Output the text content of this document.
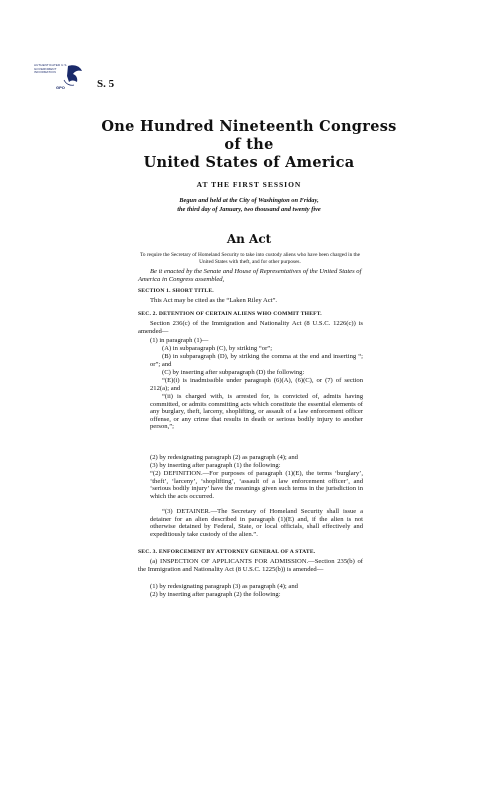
AUTHENTICATED U.S. GOVERNMENT INFORMATION
GPO	S. 5
One Hundred Nineteenth Congress
of the
United States of America
AT THE FIRST SESSION
Begun and held at the City of Washington on Friday,
the third day of January, two thousand and twenty five
An Act
To require the Secretary of Homeland Security to take into custody aliens who have been charged in the United States with theft, and for other purposes.
Be it enacted by the Senate and House of Representatives of the United States of America in Congress assembled,
SECTION 1. SHORT TITLE.
This Act may be cited as the “Laken Riley Act”.
SEC. 2. DETENTION OF CERTAIN ALIENS WHO COMMIT THEFT.
Section 236(c) of the Immigration and Nationality Act (8 U.S.C. 1226(c)) is amended—
(1) in paragraph (1)—
(A) in subparagraph (C), by striking “or”;
(B) in subparagraph (D), by striking the comma at the end and inserting “; or”; and
(C) by inserting after subparagraph (D) the following:
“(E)(i) is inadmissible under paragraph (6)(A), (6)(C), or (7) of section 212(a); and
“(ii) is charged with, is arrested for, is convicted of, admits having committed, or admits committing acts which constitute the essential elements of any burglary, theft, larceny, shoplifting, or assault of a law enforcement officer offense, or any crime that results in death or serious bodily injury to another person,”;
(2) by redesignating paragraph (2) as paragraph (4); and
(3) by inserting after paragraph (1) the following:
“(2) DEFINITION.—For purposes of paragraph (1)(E), the terms ‘burglary’, ‘theft’, ‘larceny’, ‘shoplifting’, ‘assault of a law enforcement officer’, and ‘serious bodily injury’ have the meanings given such terms in the jurisdiction in which the acts occurred.
“(3) DETAINER.—The Secretary of Homeland Security shall issue a detainer for an alien described in paragraph (1)(E) and, if the alien is not otherwise detained by Federal, State, or local officials, shall effectively and expeditiously take custody of the alien.”.
SEC. 3. ENFORCEMENT BY ATTORNEY GENERAL OF A STATE.
(a) INSPECTION OF APPLICANTS FOR ADMISSION.—Section 235(b) of the Immigration and Nationality Act (8 U.S.C. 1225(b)) is amended—
(1) by redesignating paragraph (3) as paragraph (4); and
(2) by inserting after paragraph (2) the following:
